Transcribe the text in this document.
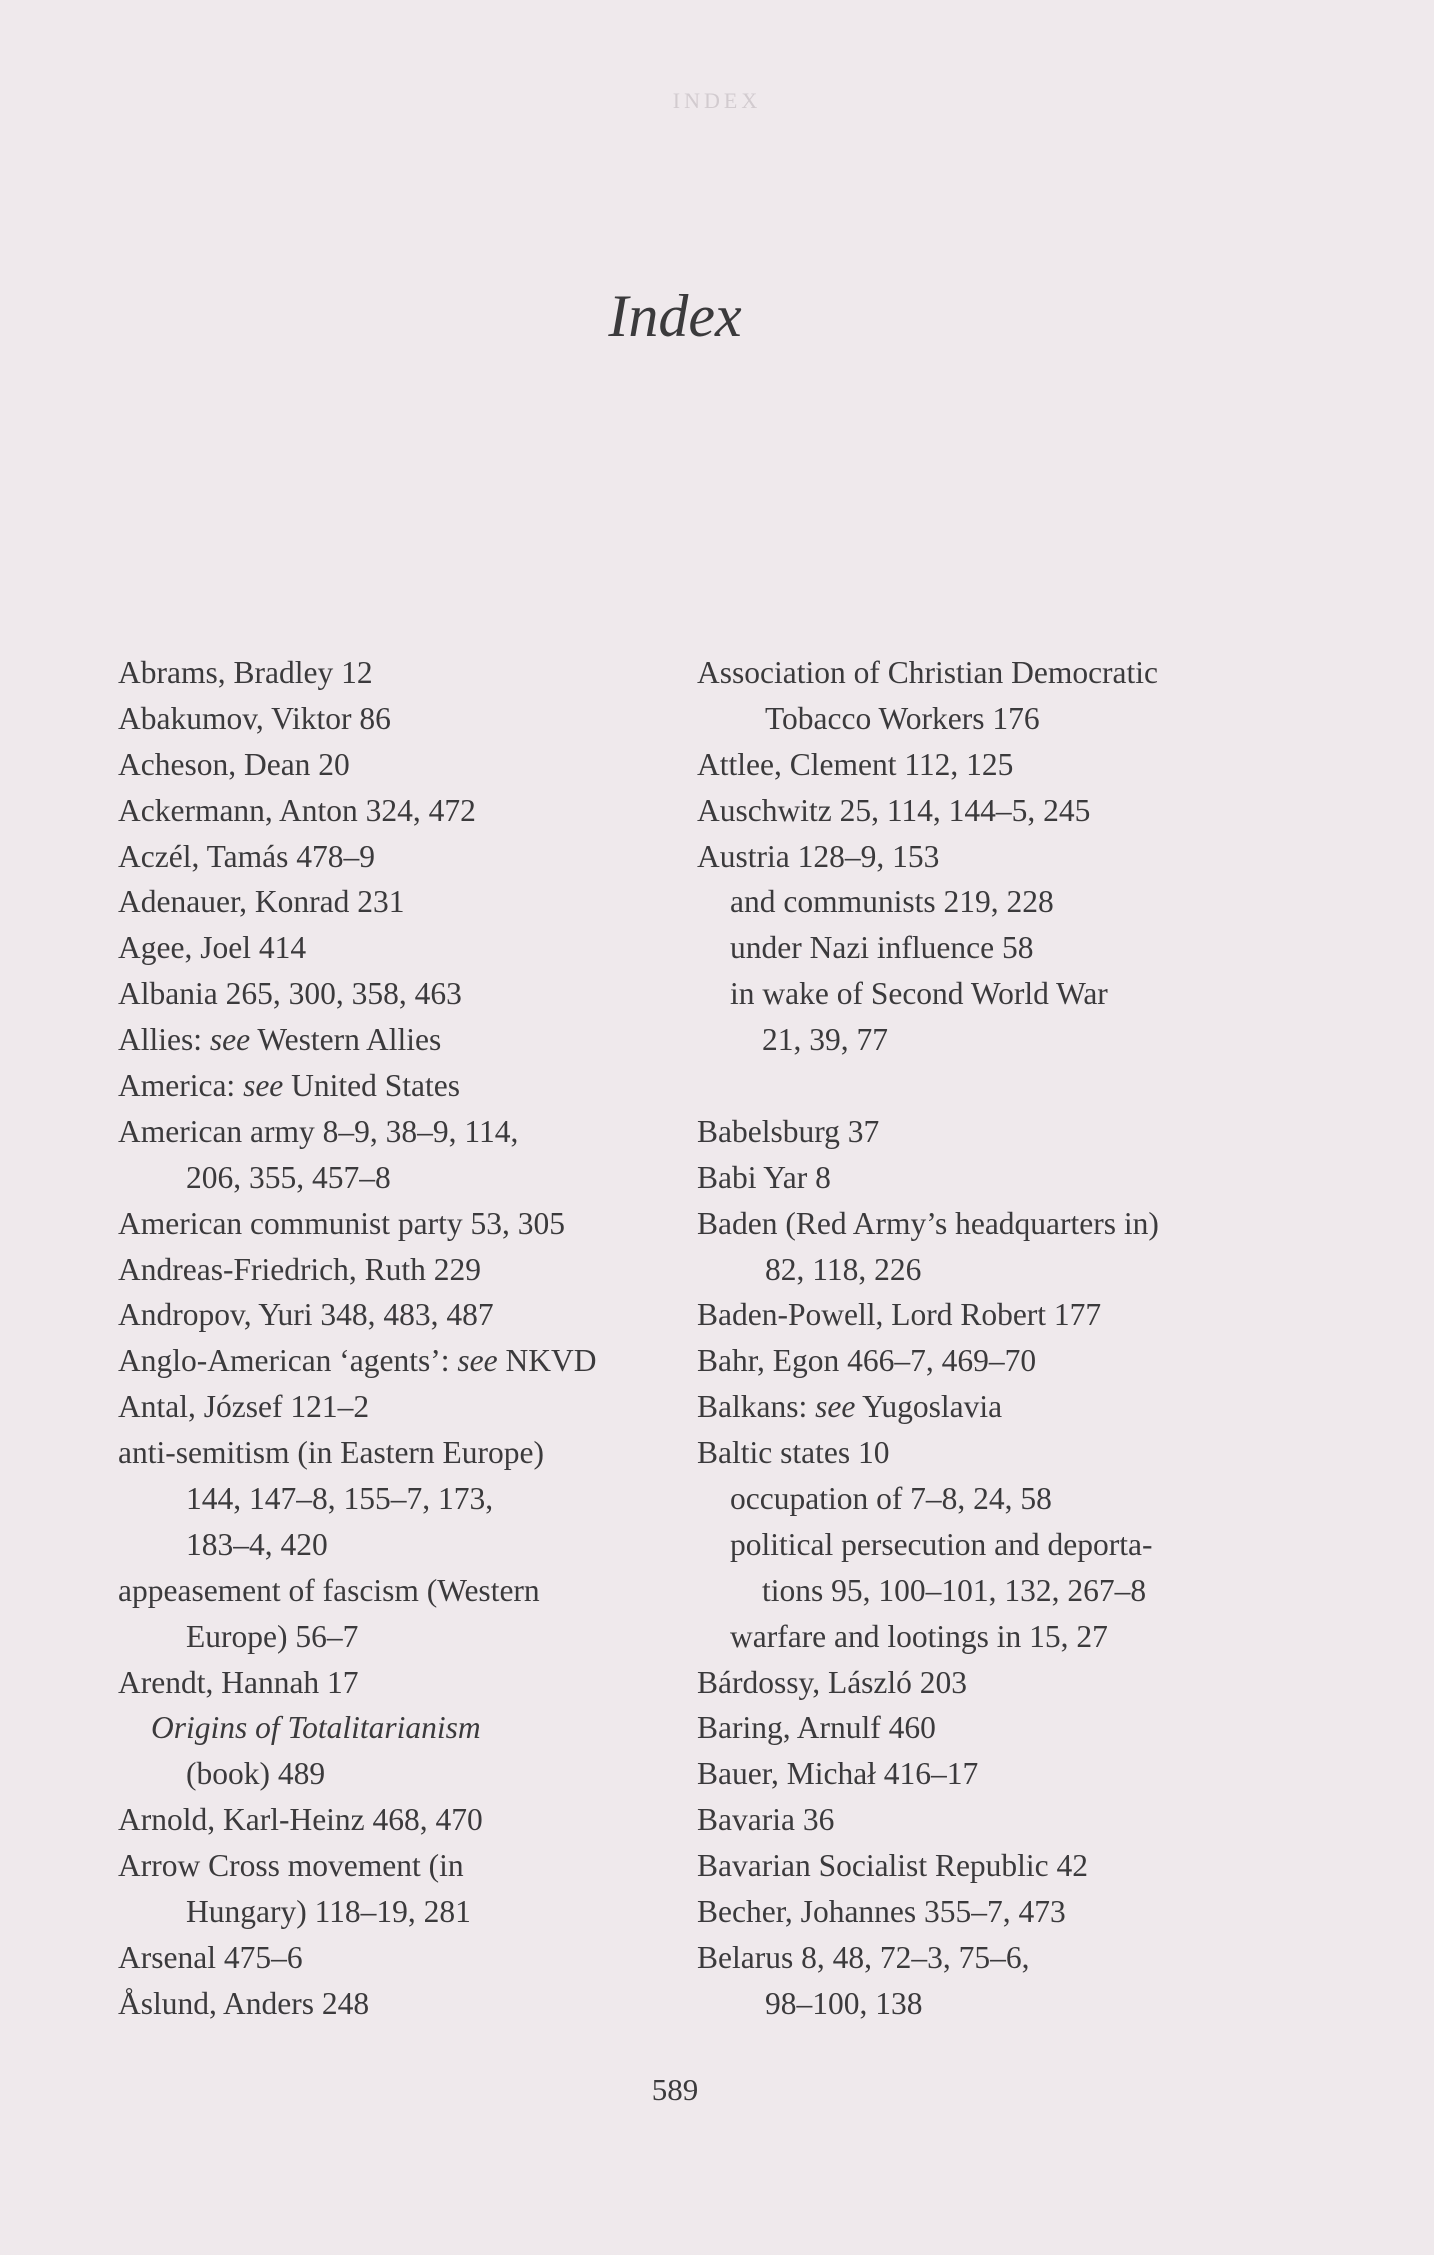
INDEX
Index
Abrams, Bradley 12
Abakumov, Viktor 86
Acheson, Dean 20
Ackermann, Anton 324, 472
Aczél, Tamás 478–9
Adenauer, Konrad 231
Agee, Joel 414
Albania 265, 300, 358, 463
Allies: see Western Allies
America: see United States
American army 8–9, 38–9, 114,
206, 355, 457–8
American communist party 53, 305
Andreas-Friedrich, Ruth 229
Andropov, Yuri 348, 483, 487
Anglo-American ‘agents’: see NKVD
Antal, József 121–2
anti-semitism (in Eastern Europe)
144, 147–8, 155–7, 173,
183–4, 420
appeasement of fascism (Western
Europe) 56–7
Arendt, Hannah 17
Origins of Totalitarianism
(book) 489
Arnold, Karl-Heinz 468, 470
Arrow Cross movement (in
Hungary) 118–19, 281
Arsenal 475–6
Åslund, Anders 248
Association of Christian Democratic
Tobacco Workers 176
Attlee, Clement 112, 125
Auschwitz 25, 114, 144–5, 245
Austria 128–9, 153
and communists 219, 228
under Nazi influence 58
in wake of Second World War
21, 39, 77
Babelsburg 37
Babi Yar 8
Baden (Red Army’s headquarters in)
82, 118, 226
Baden-Powell, Lord Robert 177
Bahr, Egon 466–7, 469–70
Balkans: see Yugoslavia
Baltic states 10
occupation of 7–8, 24, 58
political persecution and deporta-
tions 95, 100–101, 132, 267–8
warfare and lootings in 15, 27
Bárdossy, László 203
Baring, Arnulf 460
Bauer, Michał 416–17
Bavaria 36
Bavarian Socialist Republic 42
Becher, Johannes 355–7, 473
Belarus 8, 48, 72–3, 75–6,
98–100, 138
589
